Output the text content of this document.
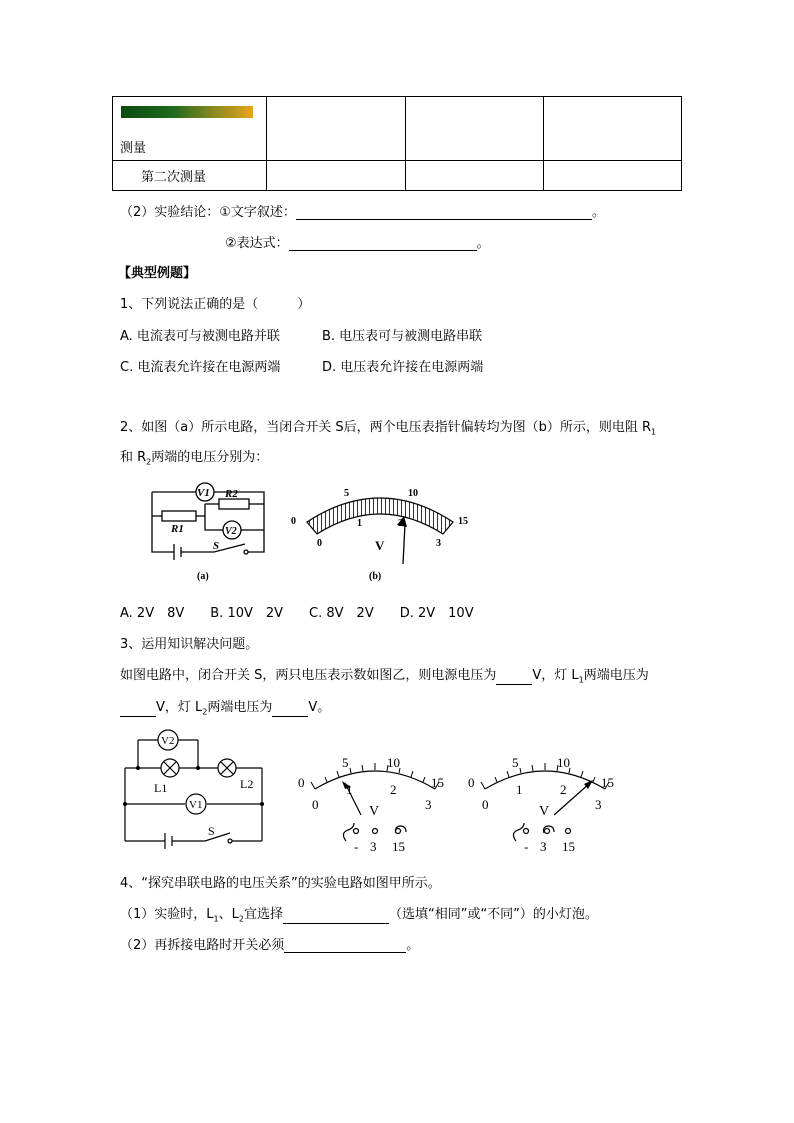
测量			

第二次测量			
（2）实验结论：①文字叙述：	。
②表达式：	。
【典型例题】
1、下列说法正确的是（　　　）
A. 电流表可与被测电路并联	B. 电压表可与被测电路串联
C. 电流表允许接在电源两端	D. 电压表允许接在电源两端
2、如图（a）所示电路，当闭合开关 S后，两个电压表指针偏转均为图（b）所示，则电阻 $R_1$
和 $R_2$两端的电压分别为：
V1
V2
R2
R1
S
(a)
0
5	10
15
0
1	2
3
V
(b)
A. 2V　8V　　B. 10V　2V　　C. 8V　2V　　D. 2V　10V
3、运用知识解决问题。
如图电路中，闭合开关 S，两只电压表示数如图乙，则电源电压为	V，灯 $L_1$两端电压为
V，灯 $L_2$两端电压为	V。
V2
V1
L1	L2
S
0
5	10
15
0
1	2
3
V
- 3 15
0
5	10
15
0
1	2
3
V
- 3 15
4、“探究串联电路的电压关系”的实验电路如图甲所示。
（1）实验时，$L_1$、$L_2$宜选择	（选填“相同”或“不同”）的小灯泡。
（2）再拆接电路时开关必须	。
